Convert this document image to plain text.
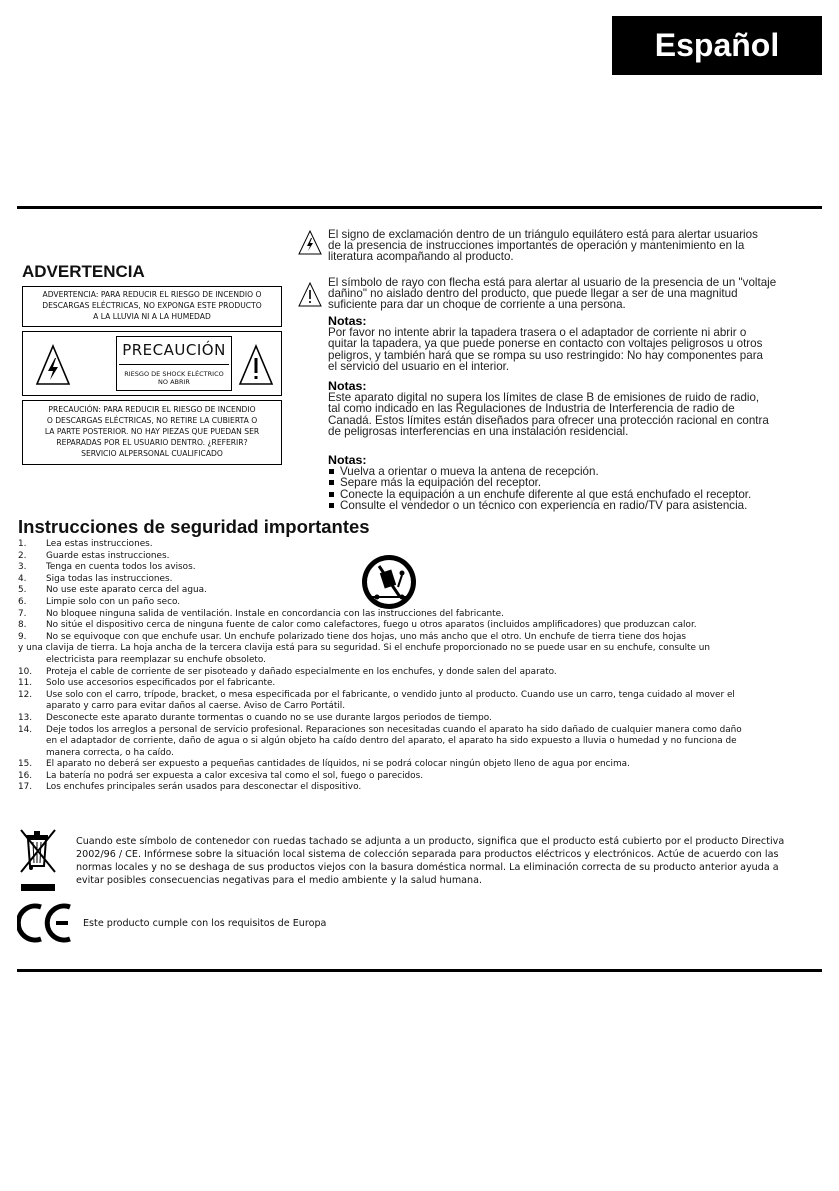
Español
ADVERTENCIA
ADVERTENCIA: PARA REDUCIR EL RIESGO DE INCENDIO O
DESCARGAS ELÉCTRICAS, NO EXPONGA ESTE PRODUCTO
A LA LLUVIA NI A LA HUMEDAD
PRECAUCIÓN
RIESGO DE SHOCK ELÉCTRICO
NO ABRIR
PRECAUCIÓN: PARA REDUCIR EL RIESGO DE INCENDIO
O DESCARGAS ELÉCTRICAS, NO RETIRE LA CUBIERTA O
LA PARTE POSTERIOR. NO HAY PIEZAS QUE PUEDAN SER
REPARADAS POR EL USUARIO DENTRO. ¿REFERIR?
SERVICIO ALPERSONAL CUALIFICADO

El signo de exclamación dentro de un triángulo equilátero está para alertar usuarios

de la presencia de instrucciones importantes de operación y mantenimiento en la

literatura acompañando al producto.

El símbolo de rayo con flecha está para alertar al usuario de la presencia de un "voltaje

dañino" no aislado dentro del producto, que puede llegar a ser de una magnitud

suficiente para dar un choque de corriente a una persona.

Notas:

Por favor no intente abrir la tapadera trasera o el adaptador de corriente ni abrir o

quitar la tapadera, ya que puede ponerse en contacto con voltajes peligrosos u otros

peligros, y también hará que se rompa su uso restringido: No hay componentes para

el servicio del usuario en el interior.

Notas:

Este aparato digital no supera los límites de clase B de emisiones de ruido de radio,

tal como indicado en las Regulaciones de Industria de Interferencia de radio de

Canadá. Estos límites están diseñados para ofrecer una protección racional en contra

de peligrosas interferencias en una instalación residencial.

Notas:

Vuelva a orientar o mueva la antena de recepción.

Separe más la equipación del receptor.

Conecte la equipación a un enchufe diferente al que está enchufado el receptor.

Consulte el vendedor o un técnico con experiencia en radio/TV para asistencia.

Instrucciones de seguridad importantes
1.	Lea estas instrucciones.
2.	Guarde estas instrucciones.
3.	Tenga en cuenta todos los avisos.
4.	Siga todas las instrucciones.
5.	No use este aparato cerca del agua.
6.	Limpie solo con un paño seco.
7.	No bloquee ninguna salida de ventilación. Instale en concordancia con las instrucciones del fabricante.
8.	No sitúe el dispositivo cerca de ninguna fuente de calor como calefactores, fuego u otros aparatos (incluidos amplificadores) que produzcan calor.
9.	No se equivoque con que enchufe usar. Un enchufe polarizado tiene dos hojas, uno más ancho que el otro. Un enchufe de tierra tiene dos hojas
y una clavija de tierra. La hoja ancha de la tercera clavija está para su seguridad. Si el enchufe proporcionado no se puede usar en su enchufe, consulte un
electricista para reemplazar su enchufe obsoleto.
10.	Proteja el cable de corriente de ser pisoteado y dañado especialmente en los enchufes, y donde salen del aparato.
11.	Solo use accesorios especificados por el fabricante.
12.	Use solo con el carro, trípode, bracket, o mesa especificada por el fabricante, o vendido junto al producto. Cuando use un carro, tenga cuidado al mover el
aparato y carro para evitar daños al caerse. Aviso de Carro Portátil.
13.	Desconecte este aparato durante tormentas o cuando no se use durante largos periodos de tiempo.
14.	Deje todos los arreglos a personal de servicio profesional. Reparaciones son necesitadas cuando el aparato ha sido dañado de cualquier manera como daño
en el adaptador de corriente, daño de agua o si algún objeto ha caído dentro del aparato, el aparato ha sido expuesto a lluvia o humedad y no funciona de
manera correcta, o ha caído.
15.	El aparato no deberá ser expuesto a pequeñas cantidades de líquidos, ni se podrá colocar ningún objeto lleno de agua por encima.
16.	La batería no podrá ser expuesta a calor excesiva tal como el sol, fuego o parecidos.
17.	Los enchufes principales serán usados para desconectar el dispositivo.
Cuando este símbolo de contenedor con ruedas tachado se adjunta a un producto, significa que el producto está cubierto por el producto Directiva
2002/96 / CE. Infórmese sobre la situación local sistema de colección separada para productos eléctricos y electrónicos. Actúe de acuerdo con las
normas locales y no se deshaga de sus productos viejos con la basura doméstica normal. La eliminación correcta de su producto anterior ayuda a
evitar posibles consecuencias negativas para el medio ambiente y la salud humana.
Este producto cumple con los requisitos de Europa
